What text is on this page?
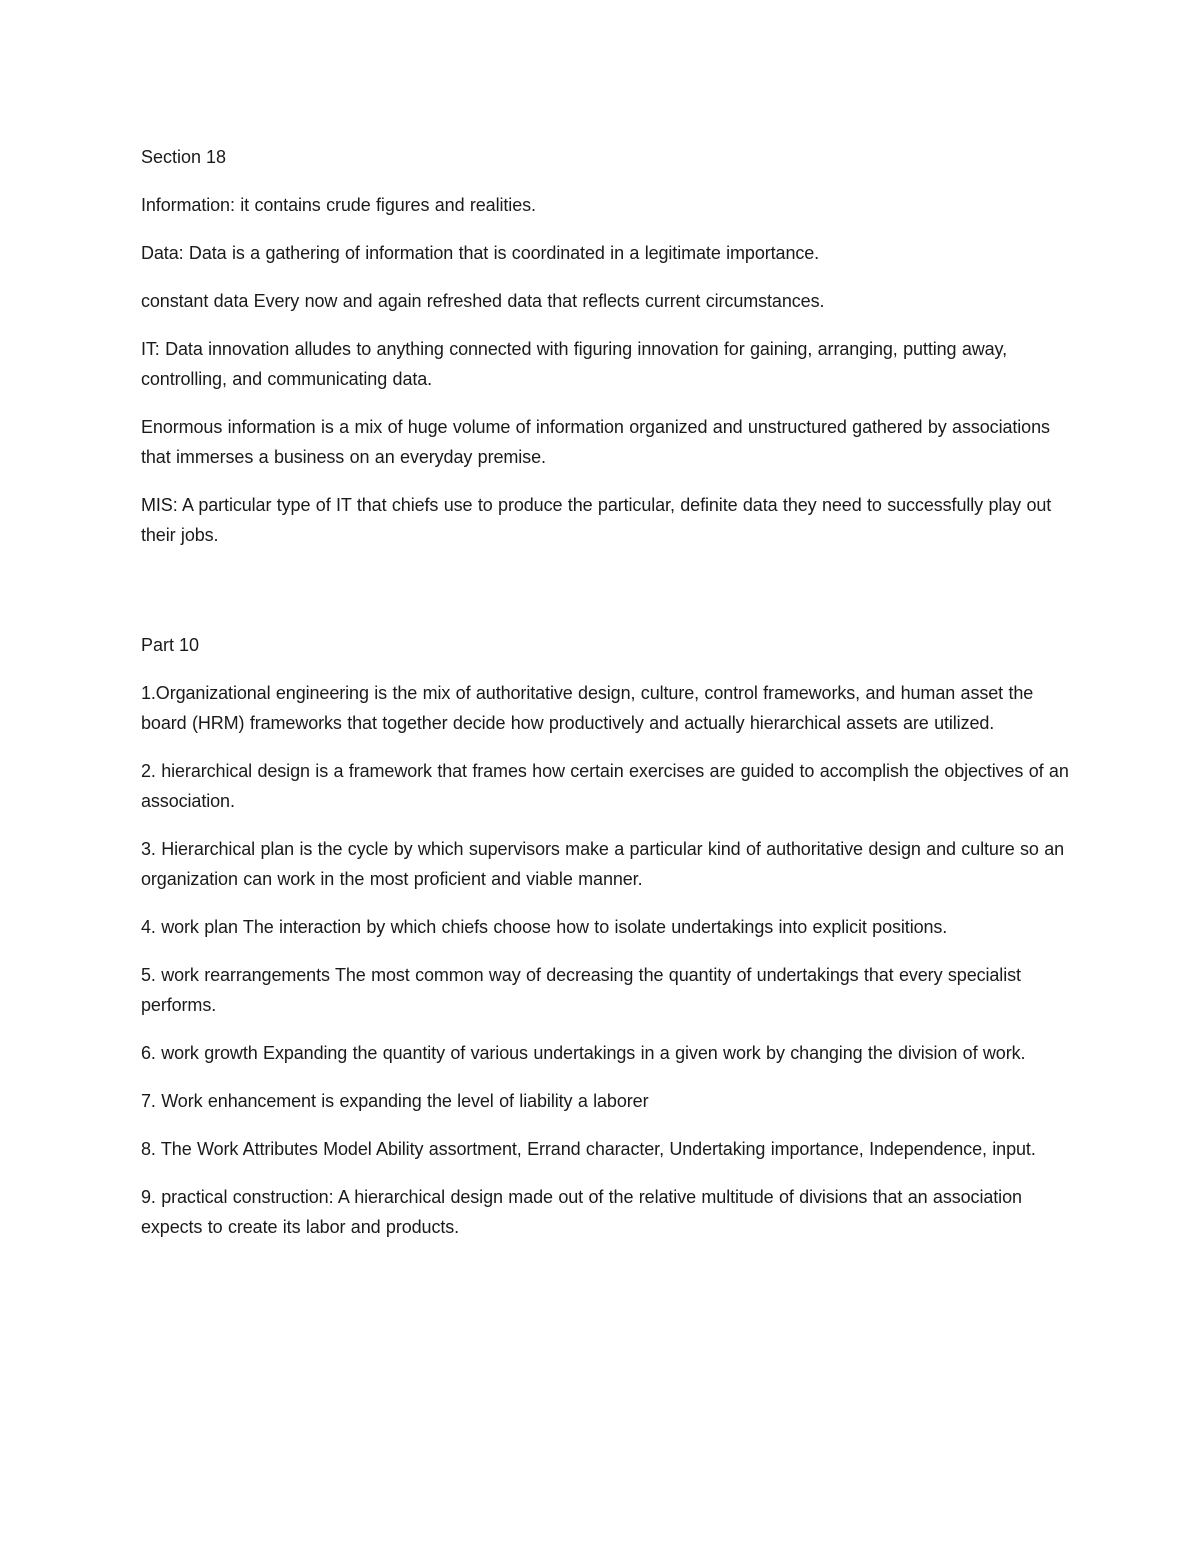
Section 18

Information: it contains crude figures and realities.

Data: Data is a gathering of information that is coordinated in a legitimate importance.

constant data Every now and again refreshed data that reflects current circumstances.

IT: Data innovation alludes to anything connected with figuring innovation for gaining, arranging, putting away, controlling, and communicating data.

Enormous information is a mix of huge volume of information organized and unstructured gathered by associations that immerses a business on an everyday premise.

MIS: A particular type of IT that chiefs use to produce the particular, definite data they need to successfully play out their jobs.

Part 10

1.Organizational engineering is the mix of authoritative design, culture, control frameworks, and human asset the board (HRM) frameworks that together decide how productively and actually hierarchical assets are utilized.

2. hierarchical design is a framework that frames how certain exercises are guided to accomplish the objectives of an association.

3. Hierarchical plan is the cycle by which supervisors make a particular kind of authoritative design and culture so an organization can work in the most proficient and viable manner.

4. work plan The interaction by which chiefs choose how to isolate undertakings into explicit positions.

5. work rearrangements The most common way of decreasing the quantity of undertakings that every specialist performs.

6. work growth Expanding the quantity of various undertakings in a given work by changing the division of work.

7. Work enhancement is expanding the level of liability a laborer

8. The Work Attributes Model Ability assortment, Errand character, Undertaking importance, Independence, input.

9. practical construction: A hierarchical design made out of the relative multitude of divisions that an association expects to create its labor and products.
